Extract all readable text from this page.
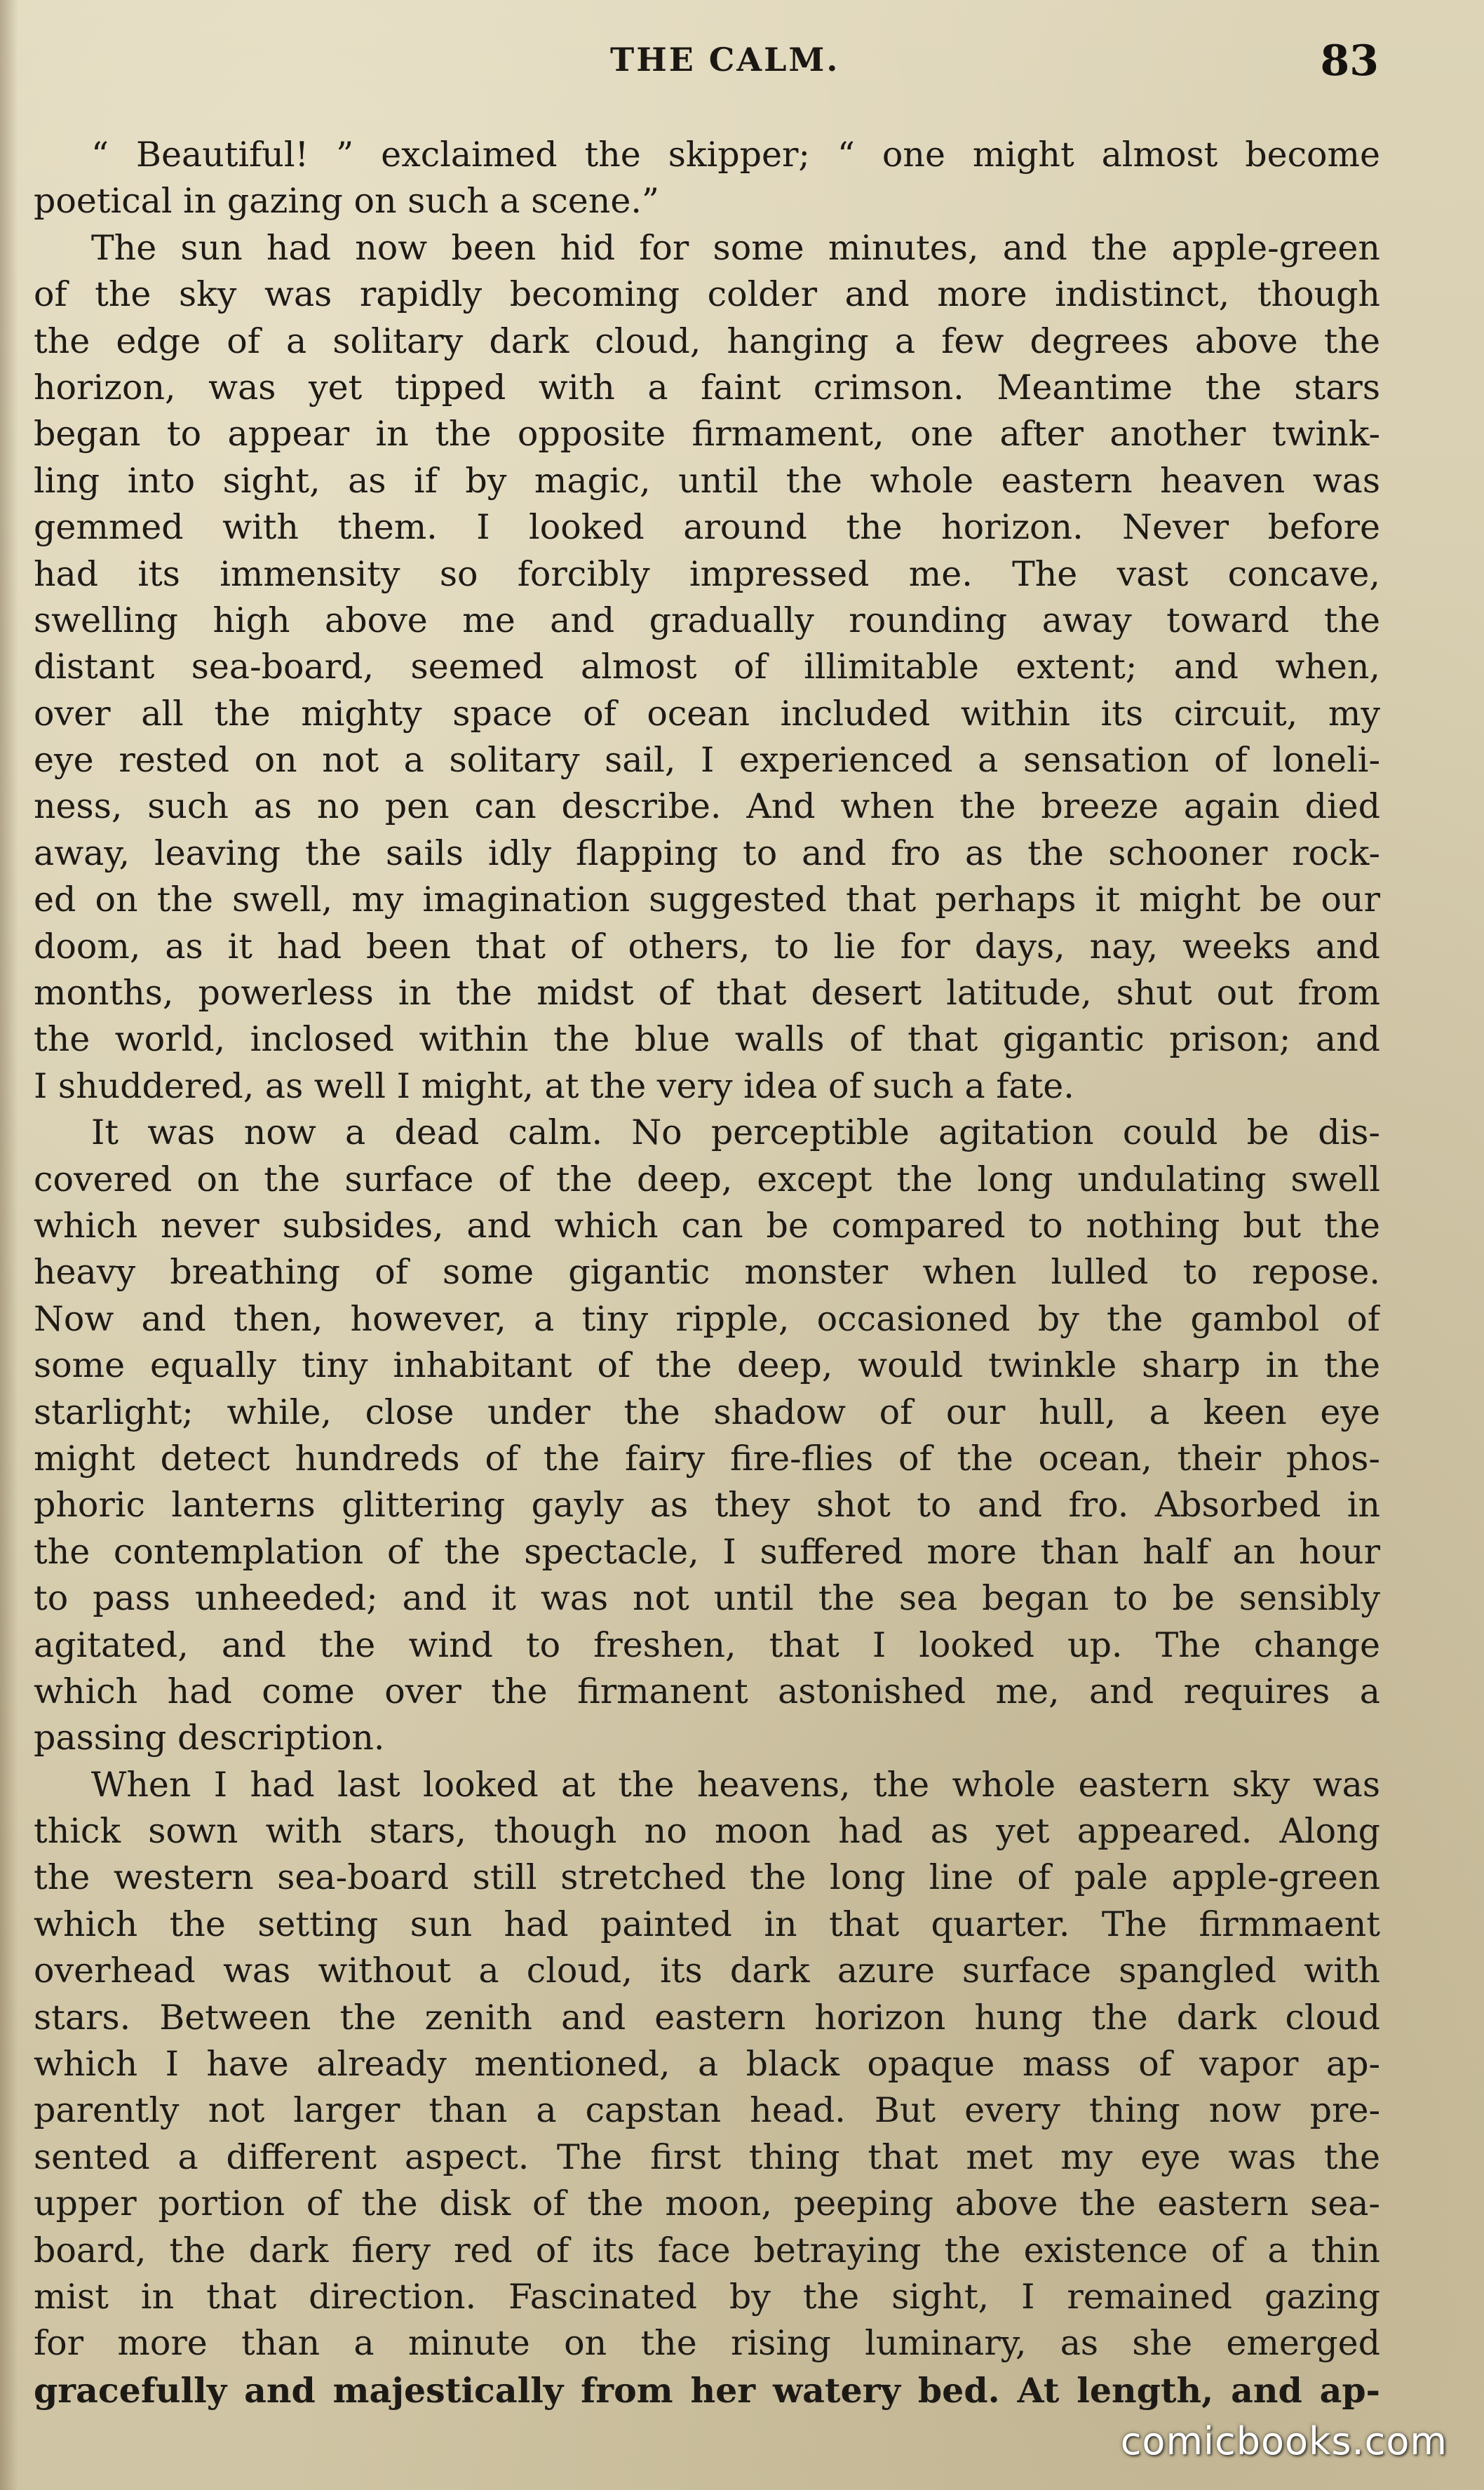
THE CALM.	83
“ Beautiful! ” exclaimed the skipper; “ one might almost become
poetical in gazing on such a scene.”
The sun had now been hid for some minutes, and the apple-green
of the sky was rapidly becoming colder and more indistinct, though
the edge of a solitary dark cloud, hanging a few degrees above the
horizon, was yet tipped with a faint crimson. Meantime the stars
began to appear in the opposite firmament, one after another twink-
ling into sight, as if by magic, until the whole eastern heaven was
gemmed with them. I looked around the horizon. Never before
had its immensity so forcibly impressed me. The vast concave,
swelling high above me and gradually rounding away toward the
distant sea-board, seemed almost of illimitable extent; and when,
over all the mighty space of ocean included within its circuit, my
eye rested on not a solitary sail, I experienced a sensation of loneli-
ness, such as no pen can describe. And when the breeze again died
away, leaving the sails idly flapping to and fro as the schooner rock-
ed on the swell, my imagination suggested that perhaps it might be our
doom, as it had been that of others, to lie for days, nay, weeks and
months, powerless in the midst of that desert latitude, shut out from
the world, inclosed within the blue walls of that gigantic prison; and
I shuddered, as well I might, at the very idea of such a fate.
It was now a dead calm. No perceptible agitation could be dis-
covered on the surface of the deep, except the long undulating swell
which never subsides, and which can be compared to nothing but the
heavy breathing of some gigantic monster when lulled to repose.
Now and then, however, a tiny ripple, occasioned by the gambol of
some equally tiny inhabitant of the deep, would twinkle sharp in the
starlight; while, close under the shadow of our hull, a keen eye
might detect hundreds of the fairy fire-flies of the ocean, their phos-
phoric lanterns glittering gayly as they shot to and fro. Absorbed in
the contemplation of the spectacle, I suffered more than half an hour
to pass unheeded; and it was not until the sea began to be sensibly
agitated, and the wind to freshen, that I looked up. The change
which had come over the firmanent astonished me, and requires a
passing description.
When I had last looked at the heavens, the whole eastern sky was
thick sown with stars, though no moon had as yet appeared. Along
the western sea-board still stretched the long line of pale apple-green
which the setting sun had painted in that quarter. The firmmaent
overhead was without a cloud, its dark azure surface spangled with
stars. Between the zenith and eastern horizon hung the dark cloud
which I have already mentioned, a black opaque mass of vapor ap-
parently not larger than a capstan head. But every thing now pre-
sented a different aspect. The first thing that met my eye was the
upper portion of the disk of the moon, peeping above the eastern sea-
board, the dark fiery red of its face betraying the existence of a thin
mist in that direction. Fascinated by the sight, I remained gazing
for more than a minute on the rising luminary, as she emerged
gracefully and majestically from her watery bed. At length, and ap-
comicbooks.com
